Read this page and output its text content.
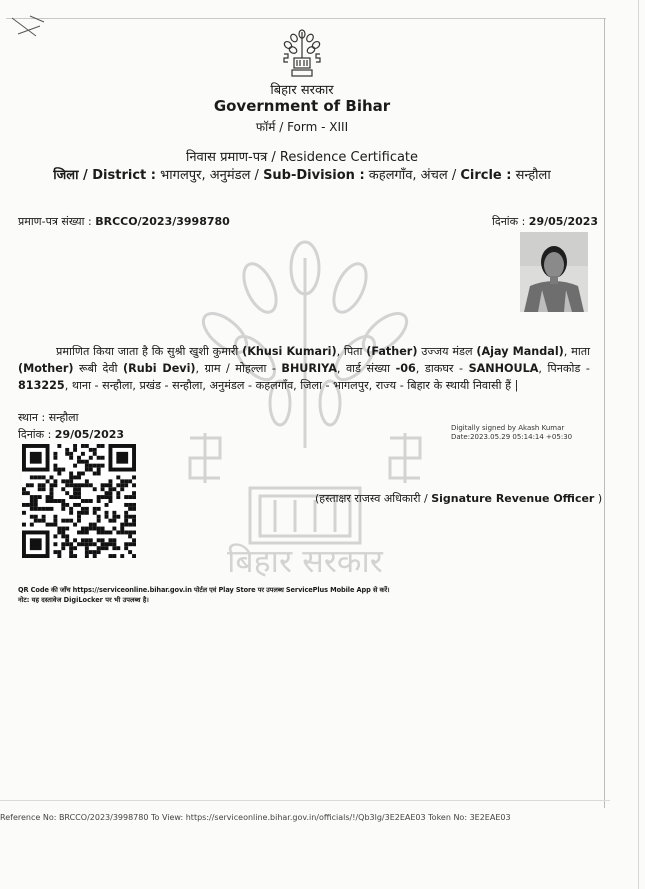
बिहार सरकार
Government of Bihar
फॉर्म / Form - XIII
निवास प्रमाण-पत्र / Residence Certificate
जिला / District : भागलपुर, अनुमंडल / Sub-Division : कहलगाँव, अंचल / Circle : सन्हौला
प्रमाण-पत्र संख्या : BRCCO/2023/3998780	दिनांक : 29/05/2023
बिहार सरकार
प्रमाणित किया जाता है कि सुश्री खुशी कुमारी (Khusi Kumari), पिता (Father) उज्जय मंडल (Ajay Mandal), माता (Mother) रूबी देवी (Rubi Devi), ग्राम / मोहल्ला - BHURIYA, वार्ड संख्या -06, डाकघर - SANHOULA, पिनकोड - 813225, थाना - सन्हौला, प्रखंड - सन्हौला, अनुमंडल - कहलगाँव, जिला - भागलपुर, राज्य - बिहार के स्थायी निवासी हैं |
स्थान : सन्हौला
दिनांक : 29/05/2023	Digitally signed by Akash Kumar
Date:2023.05.29 05:14:14 +05:30
(हस्ताक्षर राजस्व अधिकारी / Signature Revenue Officer )
QR Code की जाँच https://serviceonline.bihar.gov.in पोर्टल एवं Play Store पर उपलब्ध ServicePlus Mobile App से करें।
नोट: यह दस्तावेज DigiLocker पर भी उपलब्ध है।
Reference No: BRCCO/2023/3998780 To View: https://serviceonline.bihar.gov.in/officials/!/Qb3lg/3E2EAE03 Token No: 3E2EAE03
